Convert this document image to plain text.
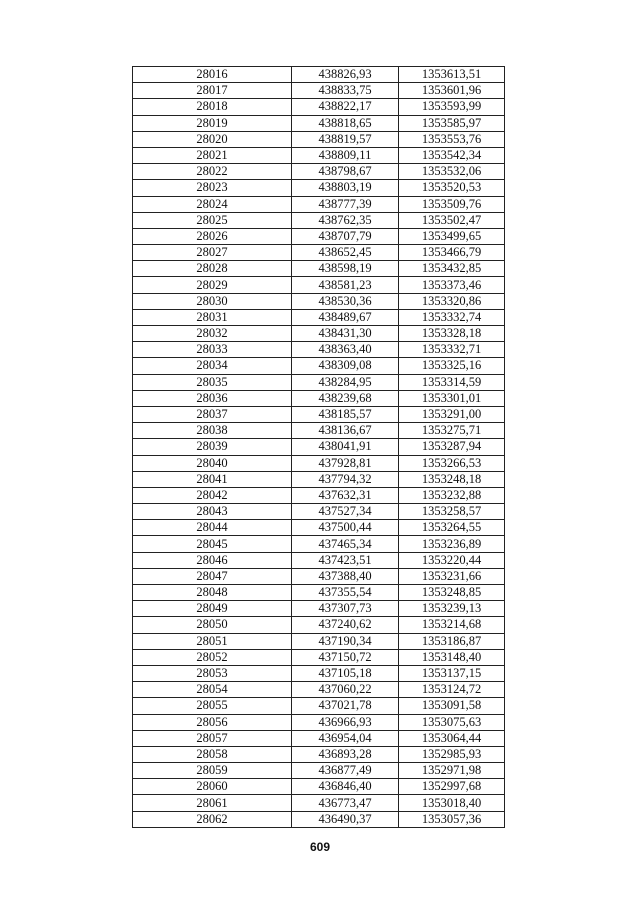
28016	438826,93	1353613,51
28017	438833,75	1353601,96
28018	438822,17	1353593,99
28019	438818,65	1353585,97
28020	438819,57	1353553,76
28021	438809,11	1353542,34
28022	438798,67	1353532,06
28023	438803,19	1353520,53
28024	438777,39	1353509,76
28025	438762,35	1353502,47
28026	438707,79	1353499,65
28027	438652,45	1353466,79
28028	438598,19	1353432,85
28029	438581,23	1353373,46
28030	438530,36	1353320,86
28031	438489,67	1353332,74
28032	438431,30	1353328,18
28033	438363,40	1353332,71
28034	438309,08	1353325,16
28035	438284,95	1353314,59
28036	438239,68	1353301,01
28037	438185,57	1353291,00
28038	438136,67	1353275,71
28039	438041,91	1353287,94
28040	437928,81	1353266,53
28041	437794,32	1353248,18
28042	437632,31	1353232,88
28043	437527,34	1353258,57
28044	437500,44	1353264,55
28045	437465,34	1353236,89
28046	437423,51	1353220,44
28047	437388,40	1353231,66
28048	437355,54	1353248,85
28049	437307,73	1353239,13
28050	437240,62	1353214,68
28051	437190,34	1353186,87
28052	437150,72	1353148,40
28053	437105,18	1353137,15
28054	437060,22	1353124,72
28055	437021,78	1353091,58
28056	436966,93	1353075,63
28057	436954,04	1353064,44
28058	436893,28	1352985,93
28059	436877,49	1352971,98
28060	436846,40	1352997,68
28061	436773,47	1353018,40
28062	436490,37	1353057,36
609
